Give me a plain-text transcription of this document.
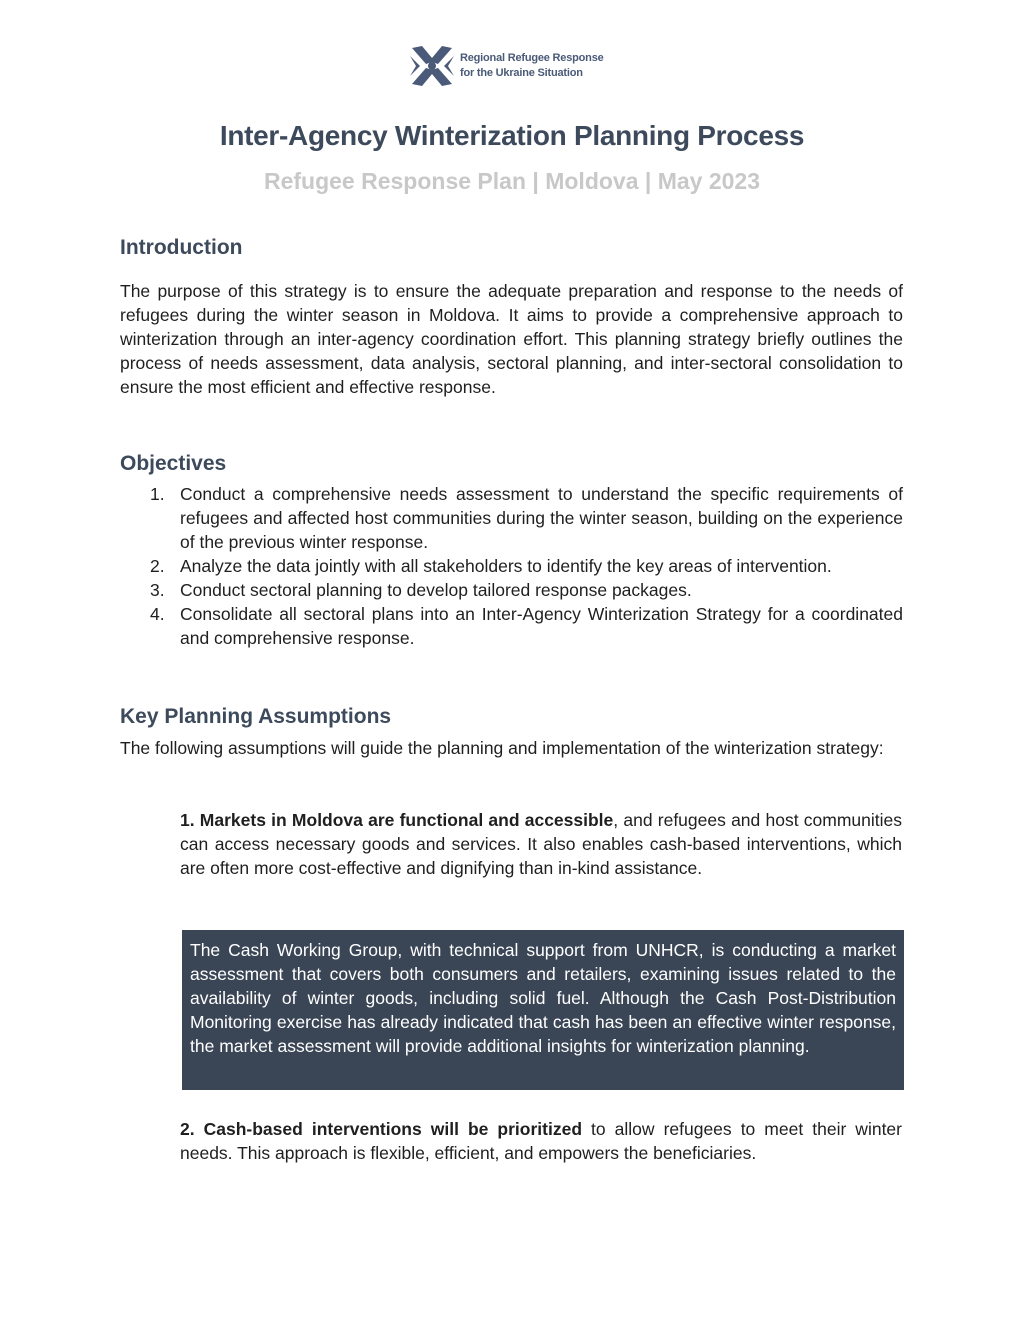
Regional Refugee Response
for the Ukraine Situation
Inter-Agency Winterization Planning Process
Refugee Response Plan | Moldova | May 2023
Introduction

The purpose of this strategy is to ensure the adequate preparation and response to the needs of refugees during the winter season in Moldova. It aims to provide a comprehensive approach to winterization through an inter-agency coordination effort. This planning strategy briefly outlines the process of needs assessment, data analysis, sectoral planning, and inter-sectoral consolidation to ensure the most efficient and effective response.

Objectives
1. Conduct a comprehensive needs assessment to understand the specific requirements of refugees and affected host communities during the winter season, building on the experience of the previous winter response.
2. Analyze the data jointly with all stakeholders to identify the key areas of intervention.
3. Conduct sectoral planning to develop tailored response packages.
4. Consolidate all sectoral plans into an Inter-Agency Winterization Strategy for a coordinated and comprehensive response.
Key Planning Assumptions

The following assumptions will guide the planning and implementation of the winterization strategy:

1. Markets in Moldova are functional and accessible, and refugees and host communities can access necessary goods and services. It also enables cash-based interventions, which are often more cost-effective and dignifying than in-kind assistance.

The Cash Working Group, with technical support from UNHCR, is conducting a market assessment that covers both consumers and retailers, examining issues related to the availability of winter goods, including solid fuel. Although the Cash Post-Distribution Monitoring exercise has already indicated that cash has been an effective winter response, the market assessment will provide additional insights for winterization planning.

2. Cash-based interventions will be prioritized to allow refugees to meet their winter needs. This approach is flexible, efficient, and empowers the beneficiaries.
